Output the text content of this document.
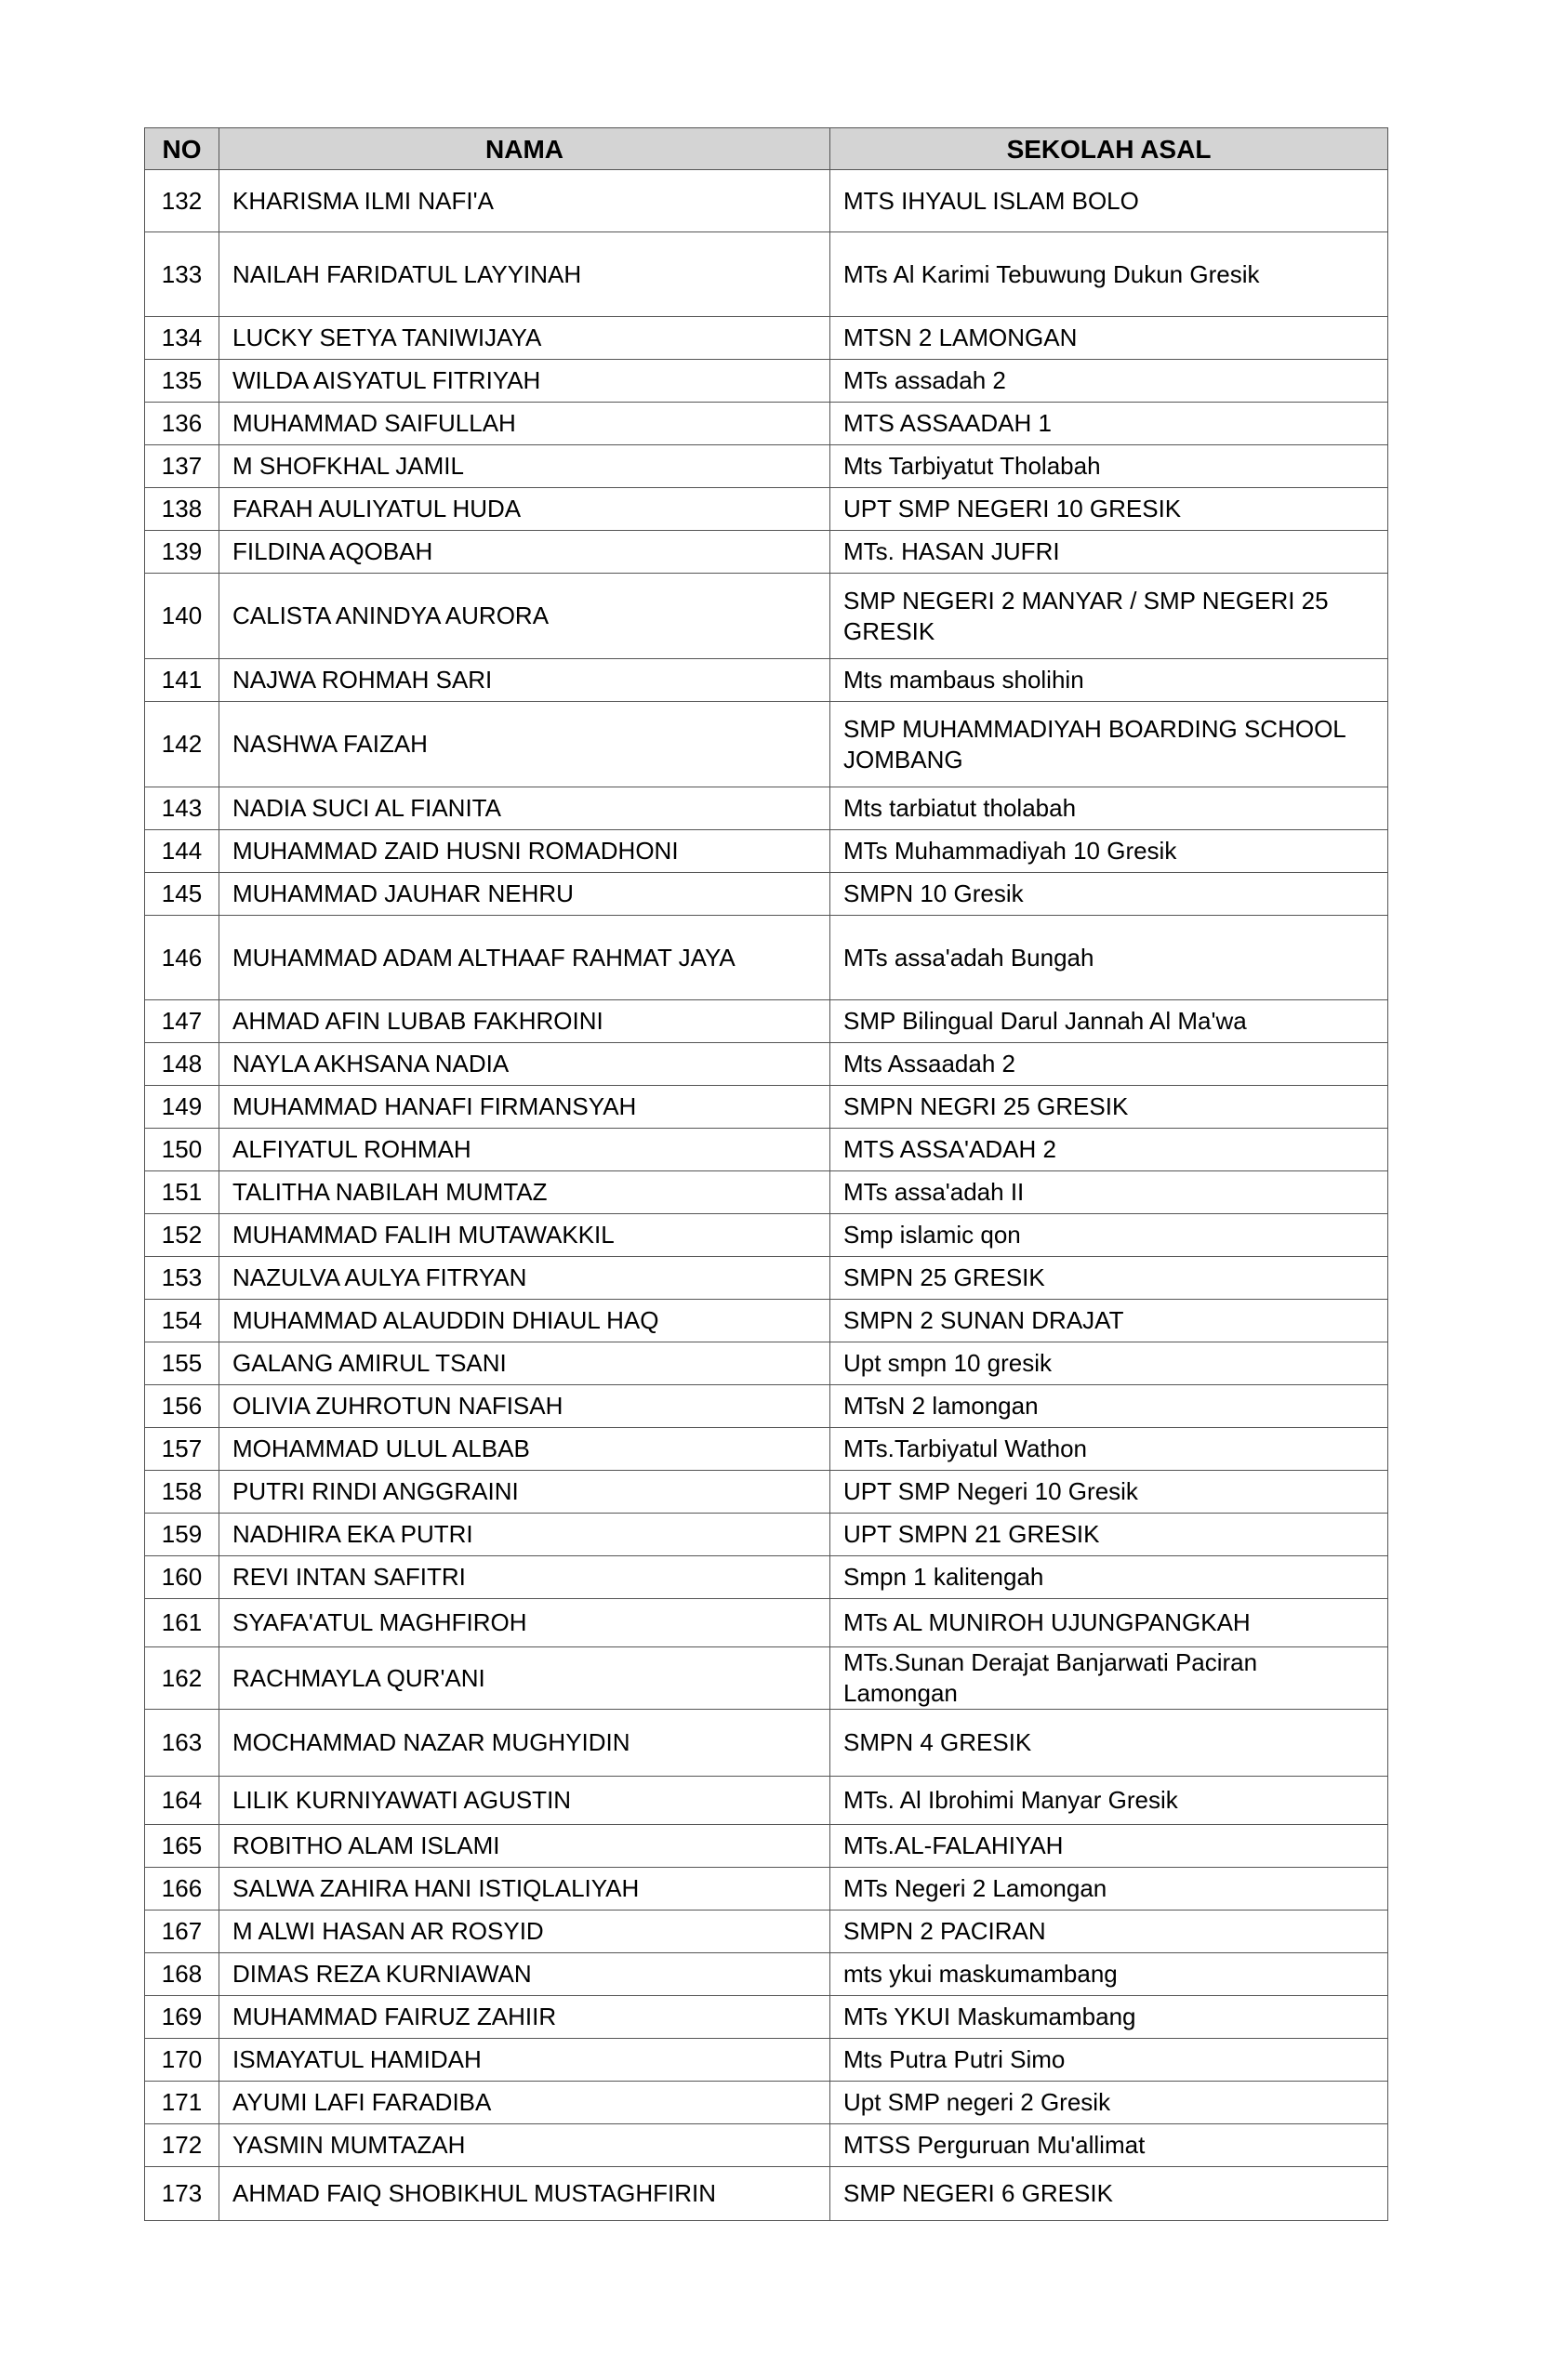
NO	NAMA	SEKOLAH ASAL
132	KHARISMA ILMI NAFI'A	MTS IHYAUL ISLAM BOLO
133	NAILAH FARIDATUL LAYYINAH	MTs Al Karimi Tebuwung Dukun Gresik
134	LUCKY SETYA TANIWIJAYA	MTSN 2 LAMONGAN
135	WILDA AISYATUL FITRIYAH	MTs assadah 2
136	MUHAMMAD SAIFULLAH	MTS ASSAADAH 1
137	M SHOFKHAL JAMIL	Mts Tarbiyatut Tholabah
138	FARAH AULIYATUL HUDA	UPT SMP NEGERI 10 GRESIK
139	FILDINA AQOBAH	MTs. HASAN JUFRI
140	CALISTA ANINDYA AURORA	SMP NEGERI 2 MANYAR / SMP NEGERI 25 GRESIK
141	NAJWA ROHMAH SARI	Mts mambaus sholihin
142	NASHWA FAIZAH	SMP MUHAMMADIYAH BOARDING SCHOOL JOMBANG
143	NADIA SUCI AL FIANITA	Mts tarbiatut tholabah
144	MUHAMMAD ZAID HUSNI ROMADHONI	MTs Muhammadiyah 10 Gresik
145	MUHAMMAD JAUHAR NEHRU	SMPN 10 Gresik
146	MUHAMMAD ADAM ALTHAAF RAHMAT JAYA	MTs assa'adah Bungah
147	AHMAD AFIN LUBAB FAKHROINI	SMP Bilingual Darul Jannah Al Ma'wa
148	NAYLA AKHSANA NADIA	Mts Assaadah 2
149	MUHAMMAD HANAFI FIRMANSYAH	SMPN NEGRI 25 GRESIK
150	ALFIYATUL ROHMAH	MTS ASSA'ADAH 2
151	TALITHA NABILAH MUMTAZ	MTs assa'adah II
152	MUHAMMAD FALIH MUTAWAKKIL	Smp islamic qon
153	NAZULVA AULYA FITRYAN	SMPN 25 GRESIK
154	MUHAMMAD ALAUDDIN DHIAUL HAQ	SMPN 2 SUNAN DRAJAT
155	GALANG AMIRUL TSANI	Upt smpn 10 gresik
156	OLIVIA ZUHROTUN NAFISAH	MTsN 2 lamongan
157	MOHAMMAD ULUL ALBAB	MTs.Tarbiyatul Wathon
158	PUTRI RINDI ANGGRAINI	UPT SMP Negeri 10 Gresik
159	NADHIRA EKA PUTRI	UPT SMPN 21 GRESIK
160	REVI INTAN SAFITRI	Smpn 1 kalitengah
161	SYAFA'ATUL MAGHFIROH	MTs AL MUNIROH UJUNGPANGKAH
162	RACHMAYLA QUR'ANI	MTs.Sunan Derajat Banjarwati Paciran Lamongan
163	MOCHAMMAD NAZAR MUGHYIDIN	SMPN 4 GRESIK
164	LILIK KURNIYAWATI AGUSTIN	MTs. Al Ibrohimi Manyar Gresik
165	ROBITHO ALAM ISLAMI	MTs.AL-FALAHIYAH
166	SALWA ZAHIRA HANI ISTIQLALIYAH	MTs Negeri 2 Lamongan
167	M ALWI HASAN AR ROSYID	SMPN 2 PACIRAN
168	DIMAS REZA KURNIAWAN	mts ykui maskumambang
169	MUHAMMAD FAIRUZ ZAHIIR	MTs YKUI Maskumambang
170	ISMAYATUL HAMIDAH	Mts Putra Putri Simo
171	AYUMI LAFI FARADIBA	Upt SMP negeri 2 Gresik
172	YASMIN MUMTAZAH	MTSS Perguruan Mu'allimat
173	AHMAD FAIQ SHOBIKHUL MUSTAGHFIRIN	SMP NEGERI 6 GRESIK
